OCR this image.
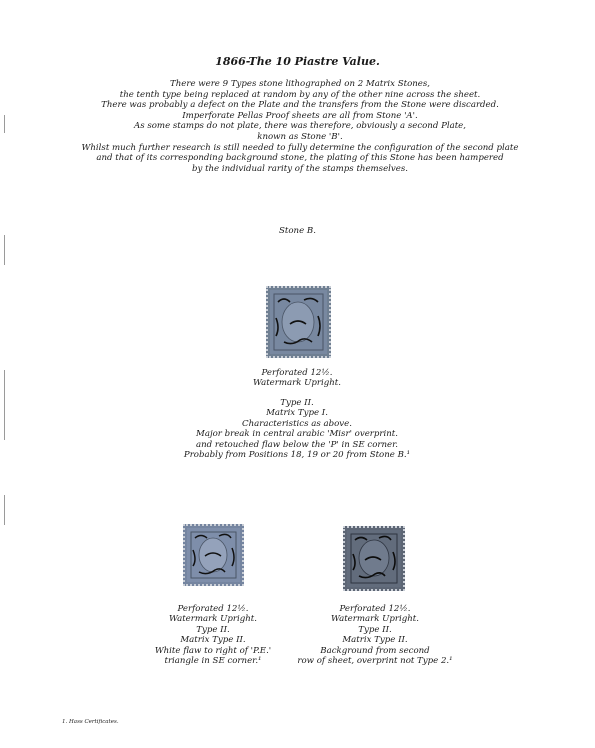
1866-The 10 Piastre Value.
There were 9 Types stone lithographed on 2 Matrix Stones,
the tenth type being replaced at random by any of the other nine across the sheet.
There was probably a defect on the Plate and the transfers from the Stone were discarded.
Imperforate Pellas Proof sheets are all from Stone 'A'.
As some stamps do not plate, there was therefore, obviously a second Plate,
known as Stone 'B'.
Whilst much further research is still needed to fully determine the configuration of the second plate
and that of its corresponding background stone, the plating of this Stone has been hampered
by the individual rarity of the stamps themselves.
Stone B.
Perforated 12½.
Watermark Upright.
Type II.
Matrix Type I.
Characteristics as above.
Major break in central arabic 'Misr' overprint.
and retouched flaw below the 'P' in SE corner.
Probably from Positions 18, 19 or 20 from Stone B.¹
Perforated 12½.
Watermark Upright.
Type II.
Matrix Type II.
White flaw to right of 'P.E.'
triangle in SE corner.¹
Perforated 12½.
Watermark Upright.
Type II.
Matrix Type II.
Background from second
row of sheet, overprint not Type 2.¹
1. Hass Certificates.
